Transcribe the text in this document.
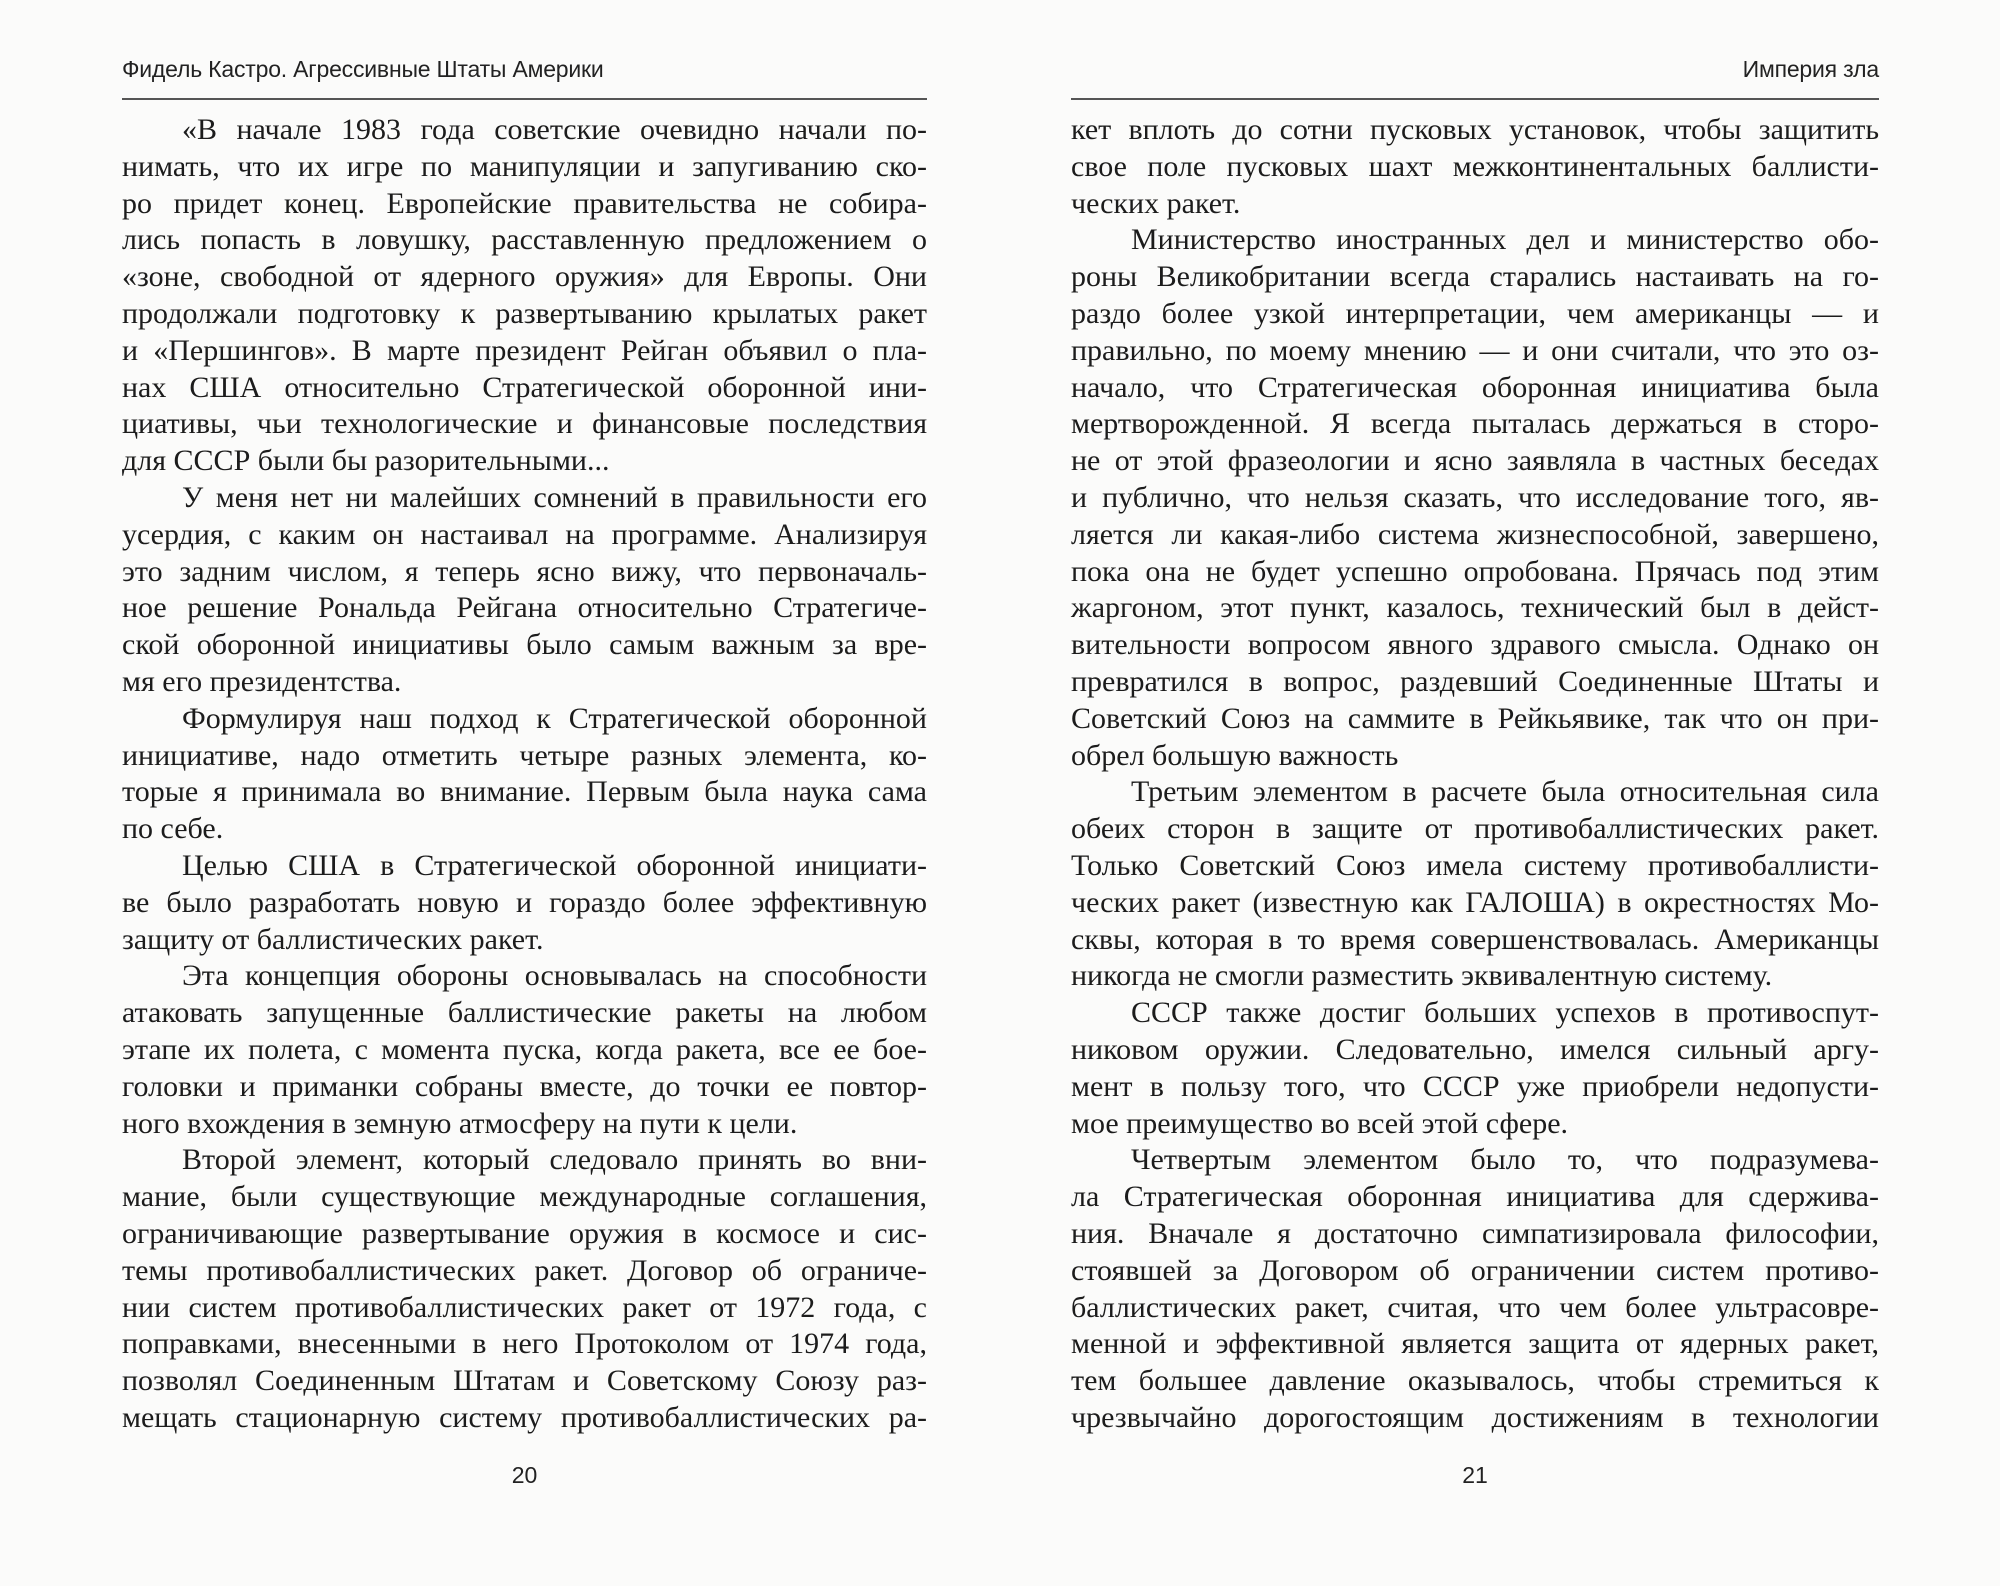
Фидель Кастро. Агрессивные Штаты Америки
«В начале 1983 года советские очевидно начали по-
нимать, что их игре по манипуляции и запугиванию ско-
ро придет конец. Европейские правительства не собира-
лись попасть в ловушку, расставленную предложением о
«зоне, свободной от ядерного оружия» для Европы. Они
продолжали подготовку к развертыванию крылатых ракет
и «Першингов». В марте президент Рейган объявил о пла-
нах США относительно Стратегической оборонной ини-
циативы, чьи технологические и финансовые последствия
для СССР были бы разорительными...
У меня нет ни малейших сомнений в правильности его
усердия, с каким он настаивал на программе. Анализируя
это задним числом, я теперь ясно вижу, что первоначаль-
ное решение Рональда Рейгана относительно Стратегиче-
ской оборонной инициативы было самым важным за вре-
мя его президентства.
Формулируя наш подход к Стратегической оборонной
инициативе, надо отметить четыре разных элемента, ко-
торые я принимала во внимание. Первым была наука сама
по себе.
Целью США в Стратегической оборонной инициати-
ве было разработать новую и гораздо более эффективную
защиту от баллистических ракет.
Эта концепция обороны основывалась на способности
атаковать запущенные баллистические ракеты на любом
этапе их полета, с момента пуска, когда ракета, все ее бое-
головки и приманки собраны вместе, до точки ее повтор-
ного вхождения в земную атмосферу на пути к цели.
Второй элемент, который следовало принять во вни-
мание, были существующие международные соглашения,
ограничивающие развертывание оружия в космосе и сис-
темы противобаллистических ракет. Договор об ограниче-
нии систем противобаллистических ракет от 1972 года, с
поправками, внесенными в него Протоколом от 1974 года,
позволял Соединенным Штатам и Советскому Союзу раз-
мещать стационарную систему противобаллистических ра-
20
Империя зла
кет вплоть до сотни пусковых установок, чтобы защитить
свое поле пусковых шахт межконтинентальных баллисти-
ческих ракет.
Министерство иностранных дел и министерство обо-
роны Великобритании всегда старались настаивать на го-
раздо более узкой интерпретации, чем американцы — и
правильно, по моему мнению — и они считали, что это оз-
начало, что Стратегическая оборонная инициатива была
мертворожденной. Я всегда пыталась держаться в сторо-
не от этой фразеологии и ясно заявляла в частных беседах
и публично, что нельзя сказать, что исследование того, яв-
ляется ли какая-либо система жизнеспособной, завершено,
пока она не будет успешно опробована. Прячась под этим
жаргоном, этот пункт, казалось, технический был в дейст-
вительности вопросом явного здравого смысла. Однако он
превратился в вопрос, раздевший Соединенные Штаты и
Советский Союз на саммите в Рейкьявике, так что он при-
обрел большую важность
Третьим элементом в расчете была относительная сила
обеих сторон в защите от противобаллистических ракет.
Только Советский Союз имела систему противобаллисти-
ческих ракет (известную как ГАЛОША) в окрестностях Мо-
сквы, которая в то время совершенствовалась. Американцы
никогда не смогли разместить эквивалентную систему.
СССР также достиг больших успехов в противоспут-
никовом оружии. Следовательно, имелся сильный аргу-
мент в пользу того, что СССР уже приобрели недопусти-
мое преимущество во всей этой сфере.
Четвертым элементом было то, что подразумева-
ла Стратегическая оборонная инициатива для сдержива-
ния. Вначале я достаточно симпатизировала философии,
стоявшей за Договором об ограничении систем противо-
баллистических ракет, считая, что чем более ультрасовре-
менной и эффективной является защита от ядерных ракет,
тем большее давление оказывалось, чтобы стремиться к
чрезвычайно дорогостоящим достижениям в технологии
21
